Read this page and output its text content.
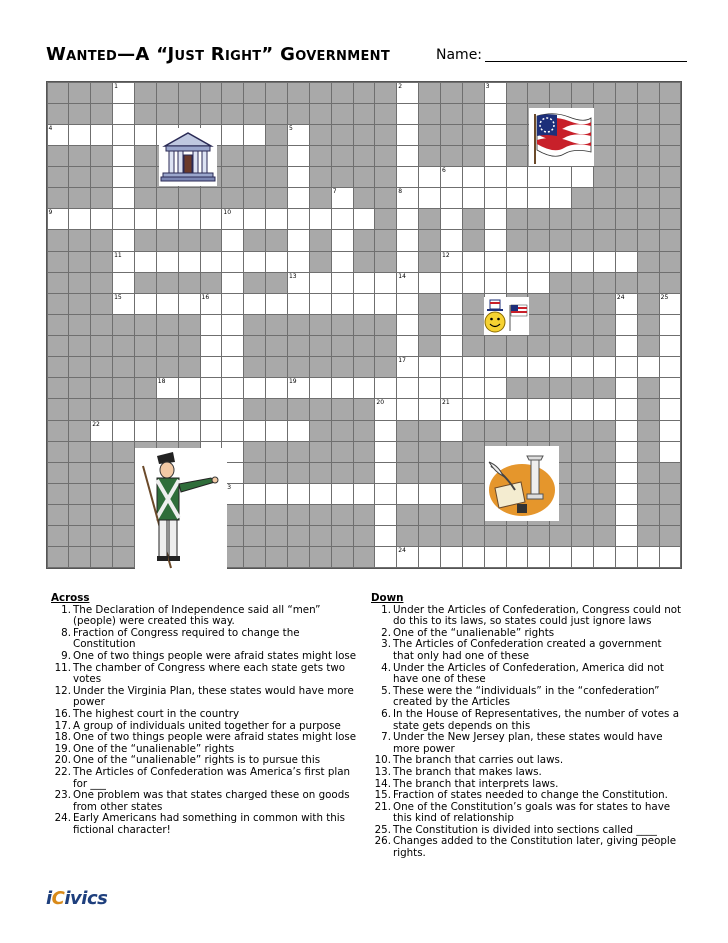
Wanted—A “Just Right” Government	Name:
1	2	3
4	5
6
7	8
9	10
11	12
13	14
15	16	24	25
17
18	19
20	21
22
23
24
Across
1. The Declaration of Independence said all “men” (people) were created this way.
8. Fraction of Congress required to change the Constitution
9. One of two things people were afraid states might lose
11. The chamber of Congress where each state gets two votes
12. Under the Virginia Plan, these states would have more power
16. The highest court in the country
17. A group of individuals united together for a purpose
18. One of two things people were afraid states might lose
19. One of the “unalienable” rights
20. One of the “unalienable” rights is to pursue this
22. The Articles of Confederation was America’s first plan for ___
23. One problem was that states charged these on goods from other states
24. Early Americans had something in common with this fictional character!
Down
1. Under the Articles of Confederation, Congress could not do this to its laws, so states could just ignore laws
2. One of the “unalienable” rights
3. The Articles of Confederation created a government that only had one of these
4. Under the Articles of Confederation, America did not have one of these
5. These were the “individuals” in the “confederation” created by the Articles
6. In the House of Representatives, the number of votes a state gets depends on this
7. Under the New Jersey plan, these states would have more power
10. The branch that carries out laws.
13. The branch that makes laws.
14. The branch that interprets laws.
15. Fraction of states needed to change the Constitution.
21. One of the Constitution’s goals was for states to have this kind of relationship
25. The Constitution is divided into sections called ____
26. Changes added to the Constitution later, giving people rights.
iCivics
